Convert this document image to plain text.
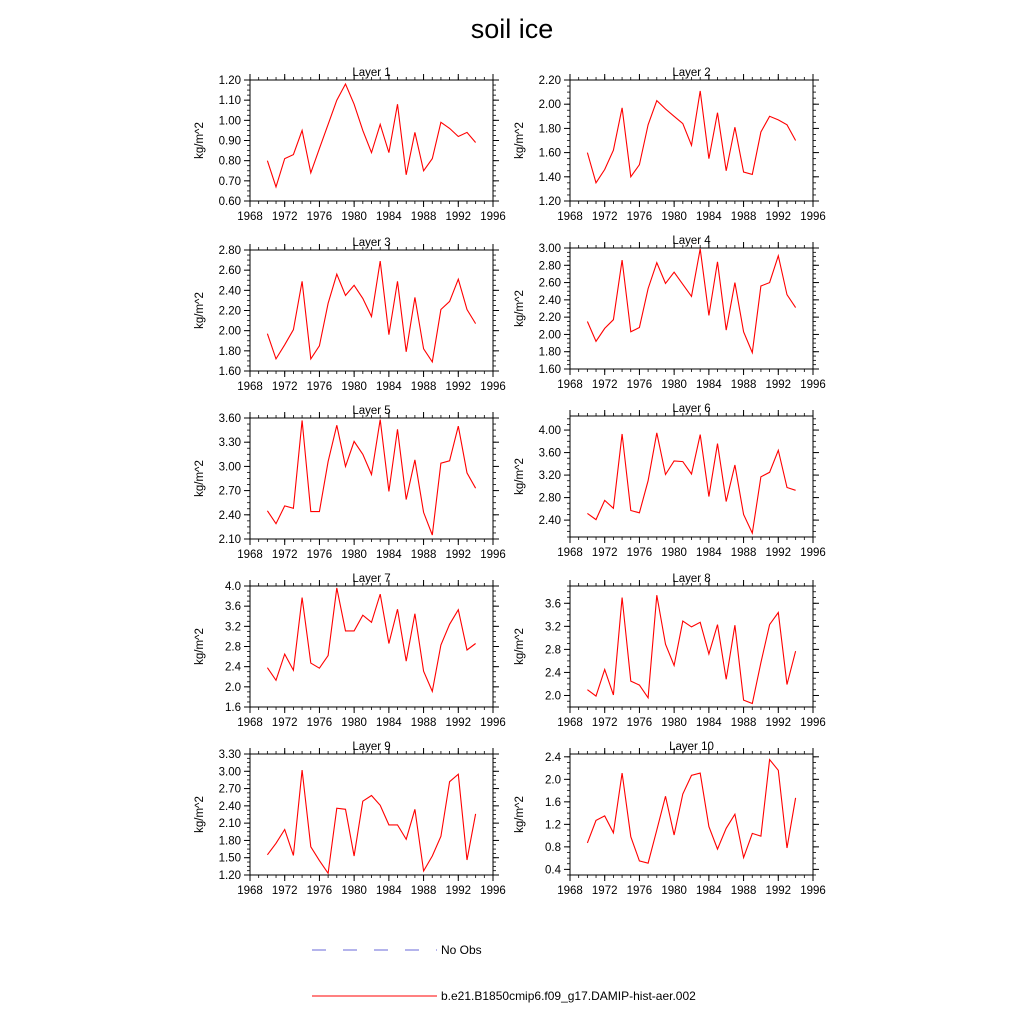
soil ice
Layer 1
1968 1972 1976 1980 1984 1988 1992 1996
0.60
0.70
0.80
0.90
1.00
1.10
1.20
kg/m^2
Layer 2
1968 1972 1976 1980 1984 1988 1992 1996
1.20
1.40
1.60
1.80
2.00
2.20
kg/m^2
Layer 3
1968 1972 1976 1980 1984 1988 1992 1996
1.60
1.80
2.00
2.20
2.40
2.60
2.80
kg/m^2
Layer 4
1968 1972 1976 1980 1984 1988 1992 1996
1.60
1.80
2.00
2.20
2.40
2.60
2.80
3.00
kg/m^2
Layer 5
1968 1972 1976 1980 1984 1988 1992 1996
2.10
2.40
2.70
3.00
3.30
3.60
kg/m^2
Layer 6
1968 1972 1976 1980 1984 1988 1992 1996
2.40
2.80
3.20
3.60
4.00
kg/m^2
Layer 7
1968 1972 1976 1980 1984 1988 1992 1996
1.6
2.0
2.4
2.8
3.2
3.6
4.0
kg/m^2
Layer 8
1968 1972 1976 1980 1984 1988 1992 1996
2.0
2.4
2.8
3.2
3.6
kg/m^2
Layer 9
1968 1972 1976 1980 1984 1988 1992 1996
1.20
1.50
1.80
2.10
2.40
2.70
3.00
3.30
kg/m^2
Layer 10
1968 1972 1976 1980 1984 1988 1992 1996
0.4
0.8
1.2
1.6
2.0
2.4
kg/m^2
No Obs
b.e21.B1850cmip6.f09_g17.DAMIP-hist-aer.002
